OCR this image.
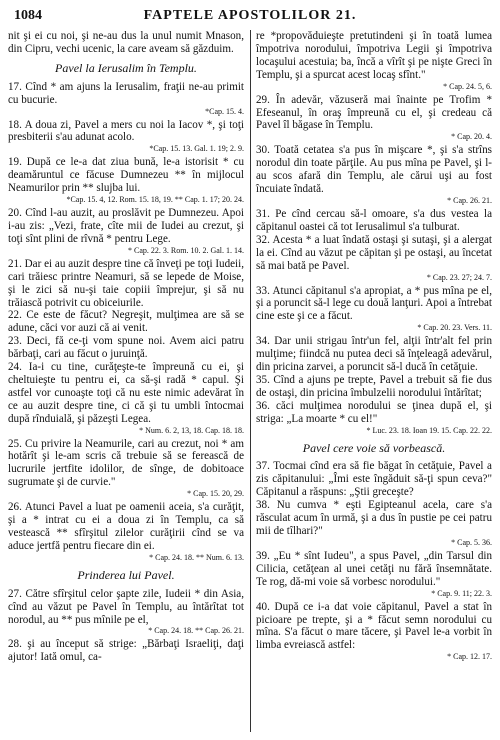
1084	FAPTELE APOSTOLILOR 21.

nit şi ei cu noi, şi ne-au dus la unul numit Mnason, din Cipru, vechi ucenic, la care aveam să găzduim.

Pavel la Ierusalim în Templu.

17. Cînd * am ajuns la Ierusalim, fraţii ne-au primit cu bucurie.

*Cap. 15. 4.

18. A doua zi, Pavel a mers cu noi la Iacov *, şi toţi presbiterii s'au adunat acolo.

*Cap. 15. 13. Gal. 1. 19; 2. 9.

19. După ce le-a dat ziua bună, le-a istorisit * cu deamăruntul ce făcuse Dumnezeu ** în mijlocul Neamurilor prin ** slujba lui.

*Cap. 15. 4, 12. Rom. 15. 18, 19. ** Cap. 1. 17; 20. 24.

20. Cînd l-au auzit, au proslăvit pe Dumnezeu. Apoi i-au zis: „Vezi, frate, cîte mii de Iudei au crezut, şi toţi sînt plini de rîvnă * pentru Lege.

* Cap. 22. 3. Rom. 10. 2. Gal. 1. 14.

21. Dar ei au auzit despre tine că înveţi pe toţi Iudeii, cari trăiesc printre Neamuri, să se lepede de Moise, şi le zici să nu-şi taie copiii împrejur, şi să nu trăiască potrivit cu obiceiurile.

22. Ce este de făcut? Negreşit, mulţimea are să se adune, căci vor auzi că ai venit.

23. Deci, fă ce-ţi vom spune noi. Avem aici patru bărbaţi, cari au făcut o juruinţă.

24. Ia-i cu tine, curăţeşte-te împreună cu ei, şi cheltuieşte tu pentru ei, ca să-şi radă * capul. Şi astfel vor cunoaşte toţi că nu este nimic adevărat în ce au auzit despre tine, ci că şi tu umbli întocmai după rînduială, şi păzeşti Legea.

* Num. 6. 2, 13, 18. Cap. 18. 18.

25. Cu privire la Neamurile, cari au crezut, noi * am hotărît şi le-am scris că trebuie să se ferească de lucrurile jertfite idolilor, de sînge, de dobitoace sugrumate şi de curvie."

* Cap. 15. 20, 29.

26. Atunci Pavel a luat pe oamenii aceia, s'a curăţit, şi a * intrat cu ei a doua zi în Templu, ca să vestească ** sfîrşitul zilelor curăţirii cînd se va aduce jertfă pentru fiecare din ei.

* Cap. 24. 18. ** Num. 6. 13.

Prinderea lui Pavel.

27. Către sfîrşitul celor şapte zile, Iudeii * din Asia, cînd au văzut pe Pavel în Templu, au întărîtat tot norodul, au ** pus mînile pe el,

* Cap. 24. 18. ** Cap. 26. 21.

28. şi au început să strige: „Bărbaţi Israeliţi, daţi ajutor! Iată omul, ca-

re *propovăduieşte pretutindeni şi în toată lumea împotriva norodului, împotriva Legii şi împotriva locaşului acestuia; ba, încă a vîrît şi pe nişte Greci în Templu, şi a spurcat acest locaş sfînt."

* Cap. 24. 5, 6.

29. În adevăr, văzuseră mai înainte pe Trofim * Efeseanul, în oraş împreună cu el, şi credeau că Pavel îl băgase în Templu.

* Cap. 20. 4.

30. Toată cetatea s'a pus în mişcare *, şi s'a strîns norodul din toate părţile. Au pus mîna pe Pavel, şi l-au scos afară din Templu, ale cărui uşi au fost încuiate îndată.

* Cap. 26. 21.

31. Pe cînd cercau să-l omoare, s'a dus vestea la căpitanul oastei că tot Ierusalimul s'a tulburat.

32. Acesta * a luat îndată ostaşi şi sutaşi, şi a alergat la ei. Cînd au văzut pe căpitan şi pe ostaşi, au încetat să mai bată pe Pavel.

* Cap. 23. 27; 24. 7.

33. Atunci căpitanul s'a apropiat, a * pus mîna pe el, şi a poruncit să-l lege cu două lanţuri. Apoi a întrebat cine este şi ce a făcut.

* Cap. 20. 23. Vers. 11.

34. Dar unii strigau într'un fel, alţii într'alt fel prin mulţime; fiindcă nu putea deci să înţeleagă adevărul, din pricina zarvei, a poruncit să-l ducă în cetăţuie.

35. Cînd a ajuns pe trepte, Pavel a trebuit să fie dus de ostaşi, din pricina îmbulzelii norodului întărîtat;

36. căci mulţimea norodului se ţinea după el, şi striga: „La moarte * cu el!"

* Luc. 23. 18. Ioan 19. 15. Cap. 22. 22.

Pavel cere voie să vorbească.

37. Tocmai cînd era să fie băgat în cetăţuie, Pavel a zis căpitanului: „Îmi este îngăduit să-ţi spun ceva?" Căpitanul a răspuns: „Ştii greceşte?

38. Nu cumva * eşti Egipteanul acela, care s'a răsculat acum în urmă, şi a dus în pustie pe cei patru mii de tîlhari?"

* Cap. 5. 36.

39. „Eu * sînt Iudeu", a spus Pavel, „din Tarsul din Cilicia, cetăţean al unei cetăţi nu fără însemnătate. Te rog, dă-mi voie să vorbesc norodului."

* Cap. 9. 11; 22. 3.

40. După ce i-a dat voie căpitanul, Pavel a stat în picioare pe trepte, şi a * făcut semn norodului cu mîna. S'a făcut o mare tăcere, şi Pavel le-a vorbit în limba evreiască astfel:

* Cap. 12. 17.
